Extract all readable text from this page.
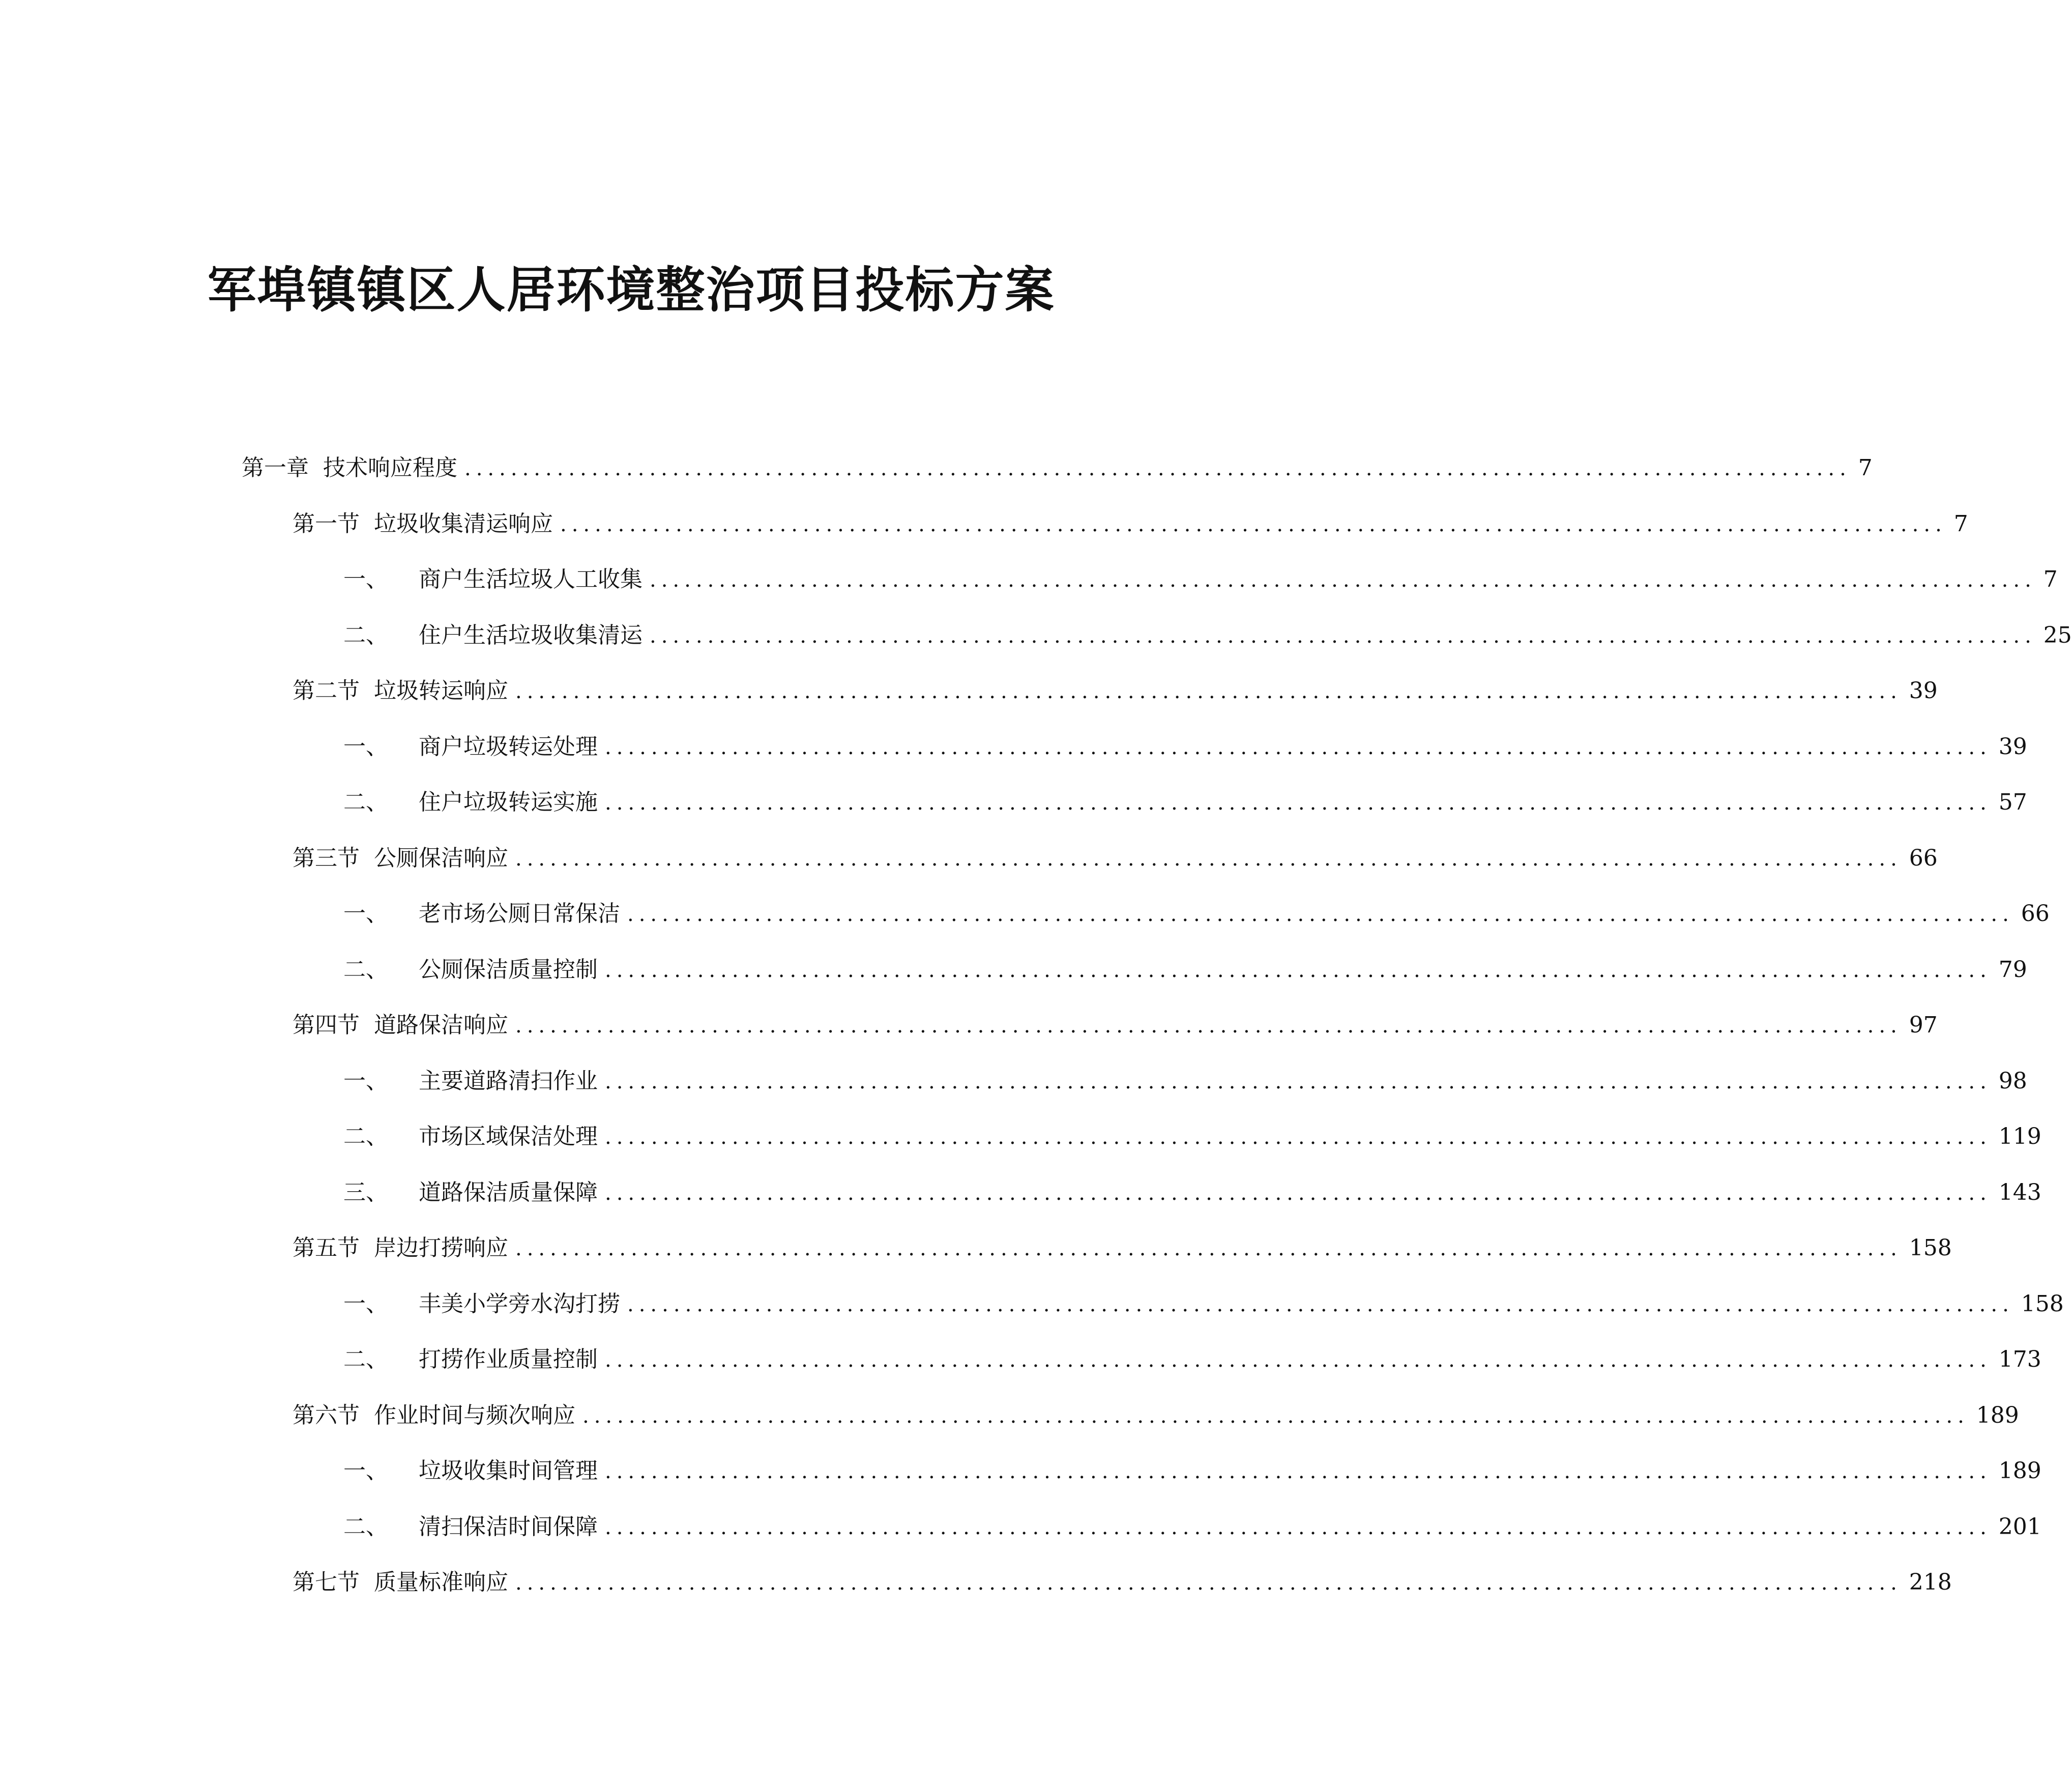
军埠镇镇区人居环境整治项目投标方案
第一章 技术响应程度 ........................................................................................................................ 7
第一节 垃圾收集清运响应 ........................................................................................................................ 7
一、 商户生活垃圾人工收集 ........................................................................................................................ 7
二、 住户生活垃圾收集清运 ........................................................................................................................ 25
第二节 垃圾转运响应 ........................................................................................................................ 39
一、 商户垃圾转运处理 ........................................................................................................................ 39
二、 住户垃圾转运实施 ........................................................................................................................ 57
第三节 公厕保洁响应 ........................................................................................................................ 66
一、 老市场公厕日常保洁 ........................................................................................................................ 66
二、 公厕保洁质量控制 ........................................................................................................................ 79
第四节 道路保洁响应 ........................................................................................................................ 97
一、 主要道路清扫作业 ........................................................................................................................ 98
二、 市场区域保洁处理 ........................................................................................................................ 119
三、 道路保洁质量保障 ........................................................................................................................ 143
第五节 岸边打捞响应 ........................................................................................................................ 158
一、 丰美小学旁水沟打捞 ........................................................................................................................ 158
二、 打捞作业质量控制 ........................................................................................................................ 173
第六节 作业时间与频次响应 ........................................................................................................................ 189
一、 垃圾收集时间管理 ........................................................................................................................ 189
二、 清扫保洁时间保障 ........................................................................................................................ 201
第七节 质量标准响应 ........................................................................................................................ 218
